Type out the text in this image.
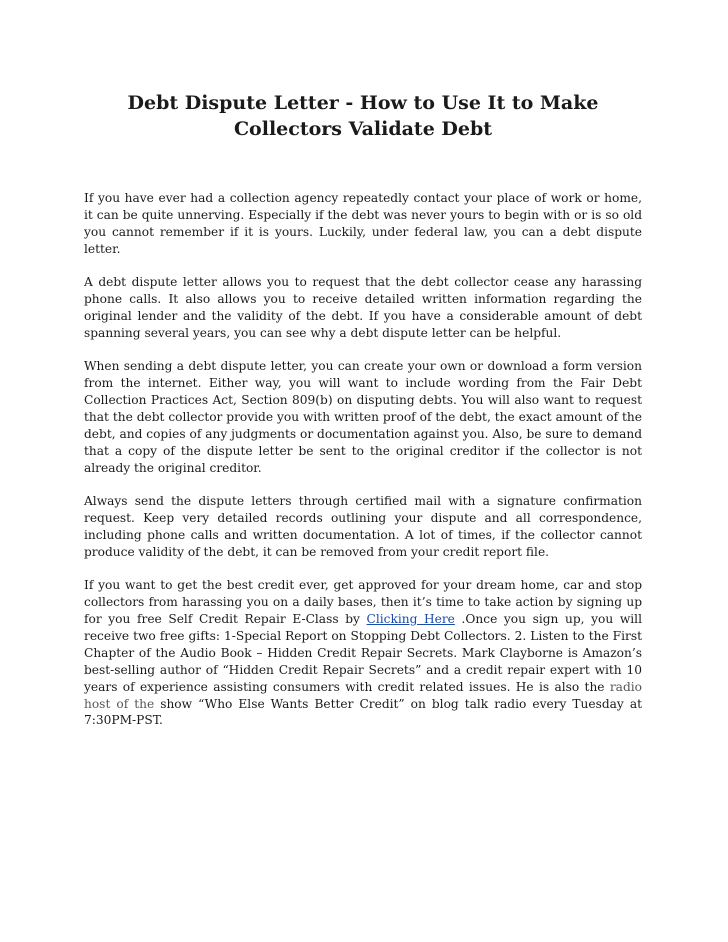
Debt Dispute Letter - How to Use It to Make
Collectors Validate Debt

If you have ever had a collection agency repeatedly contact your place of work or home, it can be quite unnerving. Especially if the debt was never yours to begin with or is so old you cannot remember if it is yours. Luckily, under federal law, you can a debt dispute letter.

A debt dispute letter allows you to request that the debt collector cease any harassing phone calls. It also allows you to receive detailed written information regarding the original lender and the validity of the debt. If you have a considerable amount of debt spanning several years, you can see why a debt dispute letter can be helpful.

When sending a debt dispute letter, you can create your own or download a form version from the internet. Either way, you will want to include wording from the Fair Debt Collection Practices Act, Section 809(b) on disputing debts. You will also want to request that the debt collector provide you with written proof of the debt, the exact amount of the debt, and copies of any judgments or documentation against you. Also, be sure to demand that a copy of the dispute letter be sent to the original creditor if the collector is not already the original creditor.

Always send the dispute letters through certified mail with a signature confirmation request. Keep very detailed records outlining your dispute and all correspondence, including phone calls and written documentation. A lot of times, if the collector cannot produce validity of the debt, it can be removed from your credit report file.

If you want to get the best credit ever, get approved for your dream home, car and stop collectors from harassing you on a daily bases, then it’s time to take action by signing up for you free Self Credit Repair E-Class by Clicking Here .Once you sign up, you will receive two free gifts: 1-Special Report on Stopping Debt Collectors. 2. Listen to the First Chapter of the Audio Book – Hidden Credit Repair Secrets. Mark Clayborne is Amazon’s best-selling author of “Hidden Credit Repair Secrets” and a credit repair expert with 10 years of experience assisting consumers with credit related issues. He is also the radio host of the show “Who Else Wants Better Credit” on blog talk radio every Tuesday at 7:30PM-PST.
